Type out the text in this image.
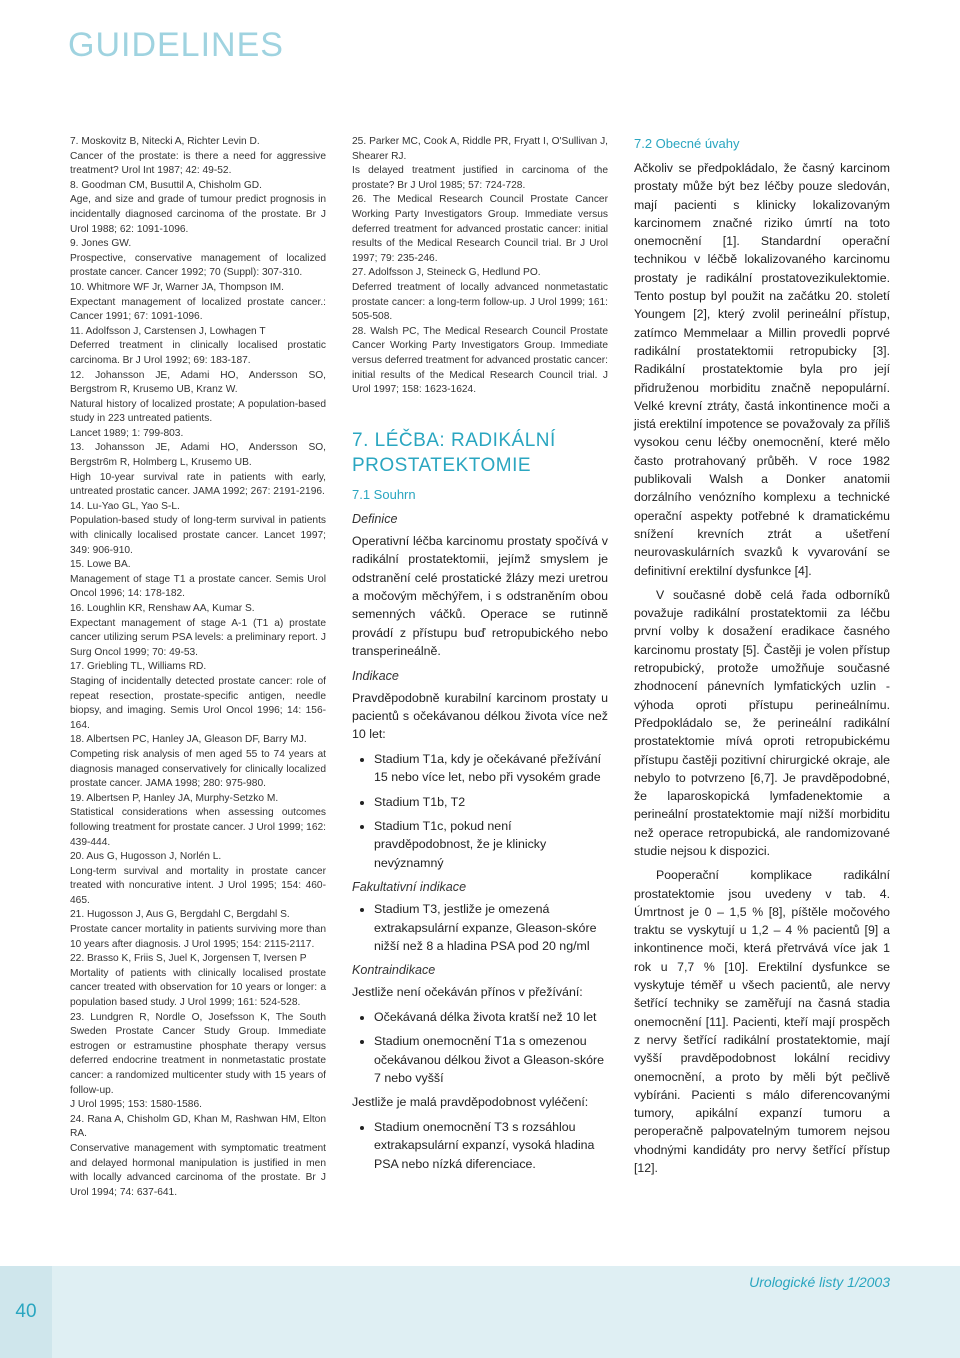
GUIDELINES
7. Moskovitz B, Nitecki A, Richter Levin D.
Cancer of the prostate: is there a need for aggressive treatment? Urol Int 1987; 42: 49-52.
8. Goodman CM, Busuttil A, Chisholm GD.
Age, and size and grade of tumour predict prognosis in incidentally diagnosed carcinoma of the prostate. Br J Urol 1988; 62: 1091-1096.
9. Jones GW.
Prospective, conservative management of localized prostate cancer. Cancer 1992; 70 (Suppl): 307-310.
10. Whitmore WF Jr, Warner JA, Thompson IM.
Expectant management of localized prostate cancer.: Cancer 1991; 67: 1091-1096.
11. Adolfsson J, Carstensen J, Lowhagen T
Deferred treatment in clinically localised prostatic carcinoma. Br J Urol 1992; 69: 183-187.
12. Johansson JE, Adami HO, Andersson SO, Bergstrom R, Krusemo UB, Kranz W.
Natural history of localized prostate; A population-based study in 223 untreated patients.
Lancet 1989; 1: 799-803.
13. Johansson JE, Adami HO, Andersson SO, Bergstr6m R, Holmberg L, Krusemo UB.
High 10-year survival rate in patients with early, untreated prostatic cancer. JAMA 1992; 267: 2191-2196.
14. Lu-Yao GL, Yao S-L.
Population-based study of long-term survival in patients with clinically localised prostate cancer. Lancet 1997; 349: 906-910.
15. Lowe BA.
Management of stage T1 a prostate cancer. Semis Urol Oncol 1996; 14: 178-182.
16. Loughlin KR, Renshaw AA, Kumar S.
Expectant management of stage A-1 (T1 a) prostate cancer utilizing serum PSA levels: a preliminary report. J Surg Oncol 1999; 70: 49-53.
17. Griebling TL, Williams RD.
Staging of incidentally detected prostate cancer: role of repeat resection, prostate-specific antigen, needle biopsy, and imaging. Semis Urol Oncol 1996; 14: 156-164.
18. Albertsen PC, Hanley JA, Gleason DF, Barry MJ.
Competing risk analysis of men aged 55 to 74 years at diagnosis managed conservatively for clinically localized prostate cancer. JAMA 1998; 280: 975-980.
19. Albertsen P, Hanley JA, Murphy-Setzko M.
Statistical considerations when assessing outcomes following treatment for prostate cancer. J Urol 1999; 162: 439-444.
20. Aus G, Hugosson J, Norlén L.
Long-term survival and mortality in prostate cancer treated with noncurative intent. J Urol 1995; 154: 460-465.
21. Hugosson J, Aus G, Bergdahl C, Bergdahl S.
Prostate cancer mortality in patients surviving more than 10 years after diagnosis. J Urol 1995; 154: 2115-2117.
22. Brasso K, Friis S, Juel K, Jorgensen T, Iversen P
Mortality of patients with clinically localised prostate cancer treated with observation for 10 years or longer: a population based study. J Urol 1999; 161: 524-528.
23. Lundgren R, Nordle O, Josefsson K, The South Sweden Prostate Cancer Study Group. Immediate estrogen or estramustine phosphate therapy versus deferred endocrine treatment in nonmetastatic prostate cancer: a randomized multicenter study with 15 years of follow-up.
J Urol 1995; 153: 1580-1586.
24. Rana A, Chisholm GD, Khan M, Rashwan HM, Elton RA.
Conservative management with symptomatic treatment and delayed hormonal manipulation is justified in men with locally advanced carcinoma of the prostate. Br J Urol 1994; 74: 637-641.
25. Parker MC, Cook A, Riddle PR, Fryatt I, O'Sullivan J, Shearer RJ.
Is delayed treatment justified in carcinoma of the prostate? Br J Urol 1985; 57: 724-728.
26. The Medical Research Council Prostate Cancer Working Party Investigators Group. Immediate versus deferred treatment for advanced prostatic cancer: initial results of the Medical Research Council trial. Br J Urol 1997; 79: 235-246.
27. Adolfsson J, Steineck G, Hedlund PO.
Deferred treatment of locally advanced nonmetastatic prostate cancer: a long-term follow-up. J Urol 1999; 161: 505-508.
28. Walsh PC, The Medical Research Council Prostate Cancer Working Party Investigators Group. Immediate versus deferred treatment for advanced prostatic cancer: initial results of the Medical Research Council trial. J Urol 1997; 158: 1623-1624.
7. LÉČBA: RADIKÁLNÍ PROSTATEKTOMIE
7.1 Souhrn
Definice

Operativní léčba karcinomu prostaty spočívá v radikální prostatektomii, jejímž smyslem je odstranění celé prostatické žlázy mezi uretrou a močovým měchýřem, i s odstraněním obou semenných váčků. Operace se rutinně provádí z přístupu buď retropubického nebo transperineálně.

Indikace

Pravděpodobně kurabilní karcinom prostaty u pacientů s očekávanou délkou života více než 10 let:

• Stadium T1a, kdy je očekávané přežívání 15 nebo více let, nebo při vysokém grade
• Stadium T1b, T2
• Stadium T1c, pokud není pravděpodobnost, že je klinicky nevýznamný
Fakultativní indikace
• Stadium T3, jestliže je omezená extrakapsulární expanze, Gleason-skóre nižší než 8 a hladina PSA pod 20 ng/ml
Kontraindikace

Jestliže není očekáván přínos v přežívání:

• Očekávaná délka života kratší než 10 let
• Stadium onemocnění T1a s omezenou očekávanou délkou život a Gleason-skóre 7 nebo vyšší

Jestliže je malá pravděpodobnost vyléčení:

• Stadium onemocnění T3 s rozsáhlou extrakapsulární expanzí, vysoká hladina PSA nebo nízká diferenciace.
7.2 Obecné úvahy

Ačkoliv se předpokládalo, že časný karcinom prostaty může být bez léčby pouze sledován, mají pacienti s klinicky lokalizovaným karcinomem značné riziko úmrtí na toto onemocnění [1]. Standardní operační technikou v léčbě lokalizovaného karcinomu prostaty je radikální prostatovezikulektomie. Tento postup byl použit na začátku 20. století Youngem [2], který zvolil perineální přístup, zatímco Memmelaar a Millin provedli poprvé radikální prostatektomii retropubicky [3]. Radikální prostatektomie byla pro její přidruženou morbiditu značně nepopulární. Velké krevní ztráty, častá inkontinence moči a jistá erektilní impotence se považovaly za příliš vysokou cenu léčby onemocnění, které mělo často protrahovaný průběh. V roce 1982 publikovali Walsh a Donker anatomii dorzálního venózního komplexu a technické operační aspekty potřebné k dramatickému snížení krevních ztrát a ušetření neurovaskulárních svazků k vyvarování se definitivní erektilní dysfunkce [4].

V současné době celá řada odborníků považuje radikální prostatektomii za léčbu první volby k dosažení eradikace časného karcinomu prostaty [5]. Častěji je volen přístup retropubický, protože umožňuje současné zhodnocení pánevních lymfatických uzlin - výhoda oproti přístupu perineálnímu. Předpokládalo se, že perineální radikální prostatektomie mívá oproti retropubickému přístupu častěji pozitivní chirurgické okraje, ale nebylo to potvrzeno [6,7]. Je pravděpodobné, že laparoskopická lymfadenektomie a perineální prostatektomie mají nižší morbiditu než operace retropubická, ale randomizované studie nejsou k dispozici.

Pooperační komplikace radikální prostatektomie jsou uvedeny v tab. 4. Úmrtnost je 0 – 1,5 % [8], píštěle močového traktu se vyskytují u 1,2 – 4 % pacientů [9] a inkontinence moči, která přetrvává více jak 1 rok u 7,7 % [10]. Erektilní dysfunkce se vyskytuje téměř u všech pacientů, ale nervy šetřící techniky se zaměřují na časná stadia onemocnění [11]. Pacienti, kteří mají prospěch z nervy šetřící radikální prostatektomie, mají vyšší pravděpodobnost lokální recidivy onemocnění, a proto by měli být pečlivě vybíráni. Pacienti s málo diferencovanými tumory, apikální expanzí tumoru a peroperačně palpovatelným tumorem nejsou vhodnými kandidáty pro nervy šetřící přístup [12].

40
Urologické listy 1/2003
